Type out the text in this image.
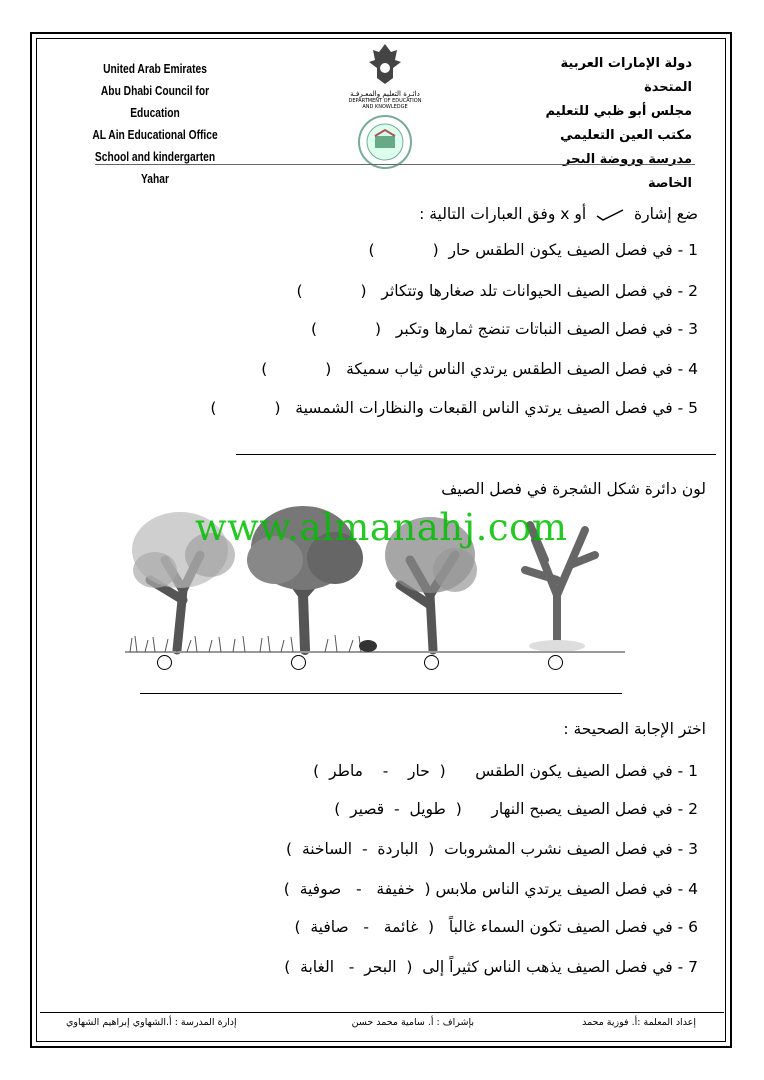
United Arab Emirates
Abu Dhabi Council for Education
AL Ain Educational Office
School and kindergarten Yahar
دائـرة التعليم والمعـرفـة
DEPARTMENT OF EDUCATION
AND KNOWLEDGE
دولة الإمارات العربية المتحدة
مجلس أبو ظبي للتعليم
مكتب العين التعليمي
مدرسة وروضة اليحر الخاصة
ضع إشارة  أو x وفق العبارات التالية :
1 - في فصل الصيف يكون الطقس حار  ()
2 - في فصل الصيف الحيوانات تلد صغارها وتتكاثر   ()
3 - في فصل الصيف النباتات تنضج ثمارها وتكبر   ()
4 - في فصل الصيف الطقس يرتدي الناس ثياب سميكة   ()
5 - في فصل الصيف يرتدي الناس القبعات والنظارات الشمسية   ()
لون دائرة شكل الشجرة في فصل الصيف
www.almanahj.com
اختر الإجابة الصحيحة :
1 - في فصل الصيف يكون الطقس      (  حار    -    ماطر  )
2 - في فصل الصيف يصبح النهار      (  طويل  -  قصير  )
3 - في فصل الصيف نشرب المشروبات  (  الباردة  -  الساخنة  )
4 - في فصل الصيف يرتدي الناس ملابس (  خفيفة   -   صوفية  )
6 - في فصل الصيف تكون السماء غالباً   (  غائمة   -   صافية  )
7 - في فصل الصيف يذهب الناس كثيراً إلى  (  البحر  -   الغابة  )
إعداد المعلمة :أ. فوزية محمد
بإشراف : أ. سامية محمد حسن
إدارة المدرسة : أ.الشهاوي إبراهيم الشهاوي
